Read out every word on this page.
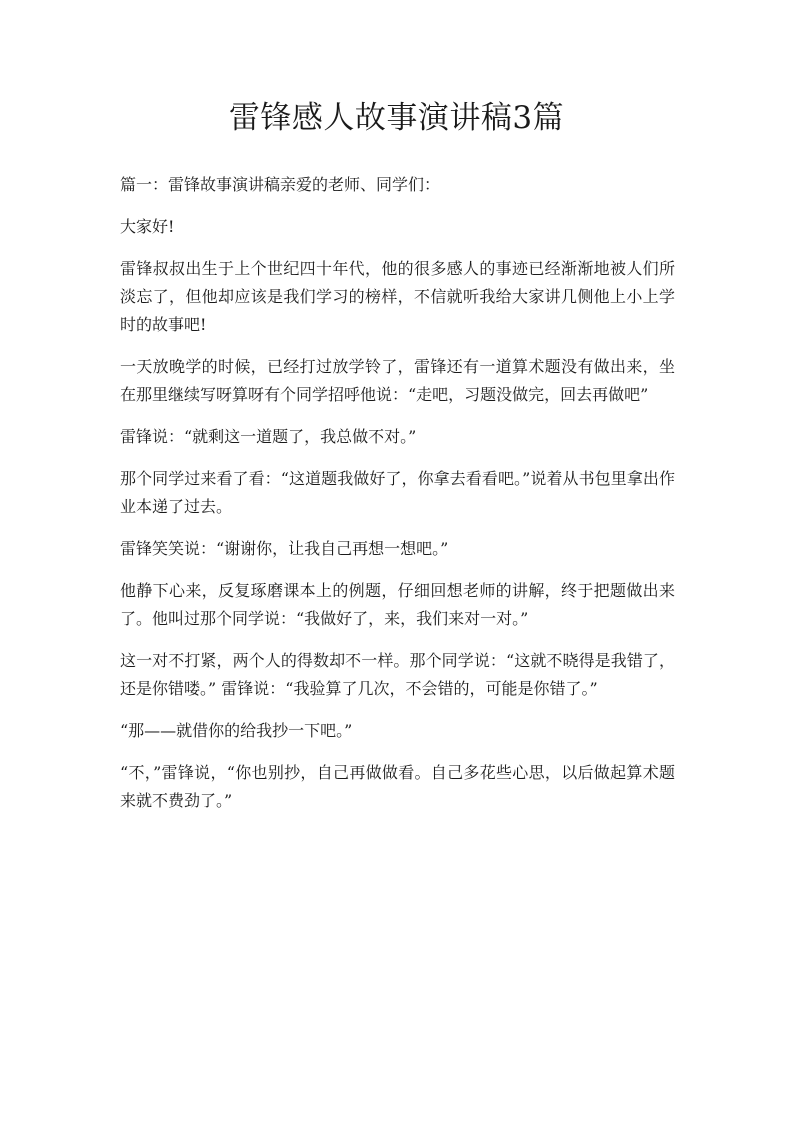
雷锋感人故事演讲稿3篇

篇一：雷锋故事演讲稿亲爱的老师、同学们：

大家好!

雷锋叔叔出生于上个世纪四十年代，他的很多感人的事迹已经渐渐地被人们所淡忘了，但他却应该是我们学习的榜样，不信就听我给大家讲几侧他上小上学时的故事吧!

一天放晚学的时候，已经打过放学铃了，雷锋还有一道算术题没有做出来，坐在那里继续写呀算呀有个同学招呼他说：“走吧，习题没做完，回去再做吧”

雷锋说：“就剩这一道题了，我总做不对。”

那个同学过来看了看：“这道题我做好了，你拿去看看吧。”说着从书包里拿出作业本递了过去。

雷锋笑笑说：“谢谢你，让我自己再想一想吧。”

他静下心来，反复琢磨课本上的例题，仔细回想老师的讲解，终于把题做出来了。他叫过那个同学说：“我做好了，来，我们来对一对。”

这一对不打紧，两个人的得数却不一样。那个同学说：“这就不晓得是我错了，还是你错喽。” 雷锋说：“我验算了几次，不会错的，可能是你错了。”

“那——就借你的给我抄一下吧。”

“不，”雷锋说，“你也别抄，自己再做做看。自己多花些心思，以后做起算术题来就不费劲了。”
